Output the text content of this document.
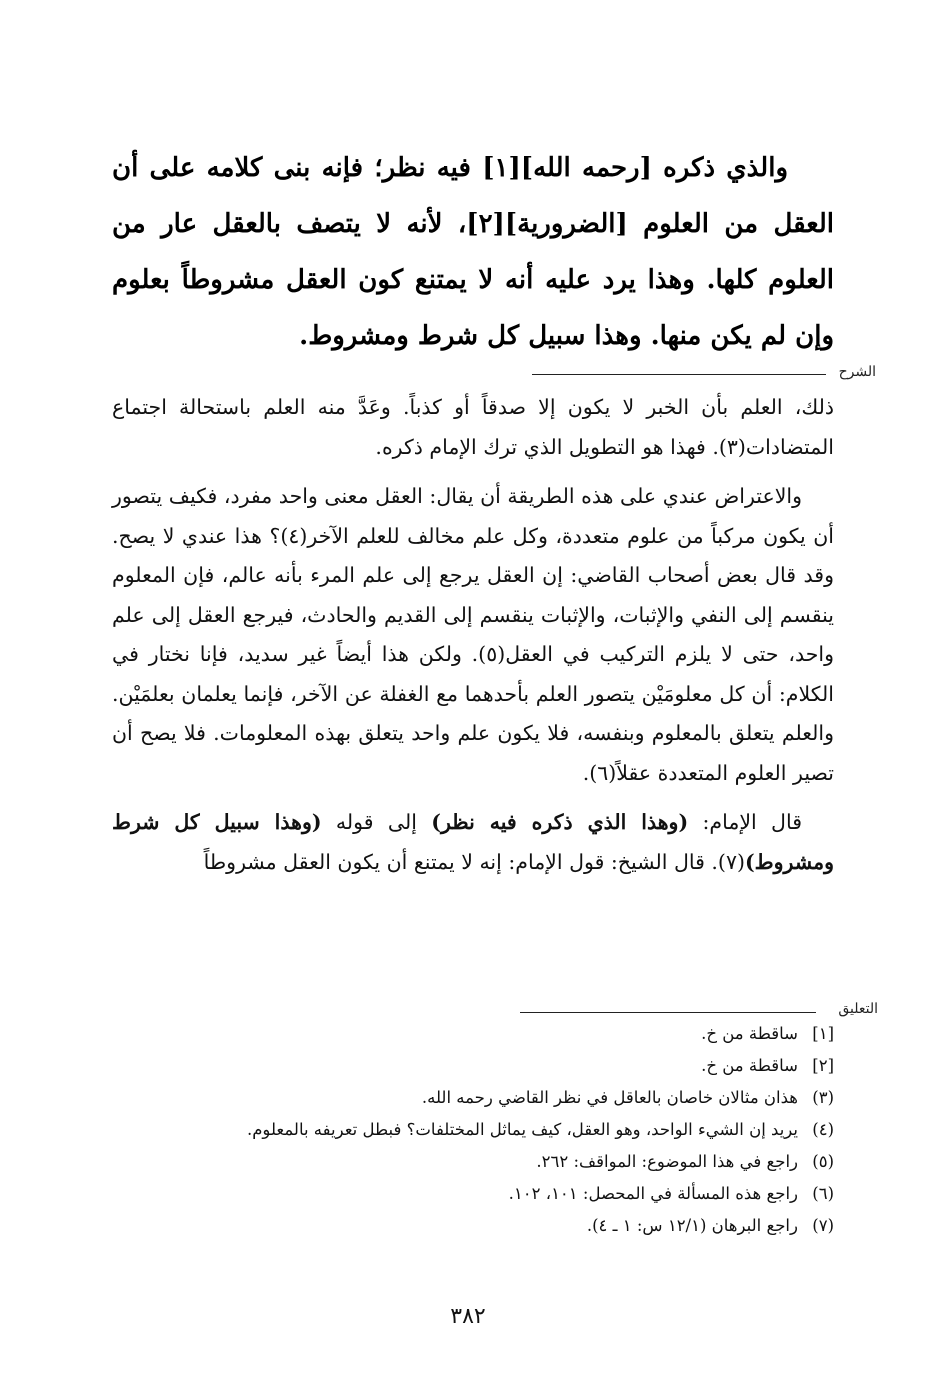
والذي ذكره [رحمه الله][١] فيه نظر؛ فإنه بنى كلامه على أن العقل من العلوم [الضرورية][٢]، لأنه لا يتصف بالعقل عار من العلوم كلها. وهذا يرد عليه أنه لا يمتنع كون العقل مشروطاً بعلوم وإن لم يكن منها. وهذا سبيل كل شرط ومشروط.

الشرح

ذلك، العلم بأن الخبر لا يكون إلا صدقاً أو كذباً. وعَدَّ منه العلم باستحالة اجتماع المتضادات(٣). فهذا هو التطويل الذي ترك الإمام ذكره.

والاعتراض عندي على هذه الطريقة أن يقال: العقل معنى واحد مفرد، فكيف يتصور أن يكون مركباً من علوم متعددة، وكل علم مخالف للعلم الآخر(٤)؟ هذا عندي لا يصح. وقد قال بعض أصحاب القاضي: إن العقل يرجع إلى علم المرء بأنه عالم، فإن المعلوم ينقسم إلى النفي والإثبات، والإثبات ينقسم إلى القديم والحادث، فيرجع العقل إلى علم واحد، حتى لا يلزم التركيب في العقل(٥). ولكن هذا أيضاً غير سديد، فإنا نختار في الكلام: أن كل معلومَيْن يتصور العلم بأحدهما مع الغفلة عن الآخر، فإنما يعلمان بعلمَيْن. والعلم يتعلق بالمعلوم وبنفسه، فلا يكون علم واحد يتعلق بهذه المعلومات. فلا يصح أن تصير العلوم المتعددة عقلاً(٦).

قال الإمام: (وهذا الذي ذكره فيه نظر) إلى قوله (وهذا سبيل كل شرط ومشروط)(٧). قال الشيخ: قول الإمام: إنه لا يمتنع أن يكون العقل مشروطاً

التعليق
[١]
ساقطة من خ.
[٢]
ساقطة من خ.
(٣)
هذان مثالان خاصان بالعاقل في نظر القاضي رحمه الله.
(٤)
يريد إن الشيء الواحد، وهو العقل، كيف يماثل المختلفات؟ فبطل تعريفه بالمعلوم.
(٥)
راجع في هذا الموضوع: المواقف: ٢٦٢.
(٦)
راجع هذه المسألة في المحصل: ١٠١، ١٠٢.
(٧)
راجع البرهان (١٢/١ س: ١ ـ ٤).
٣٨٢
